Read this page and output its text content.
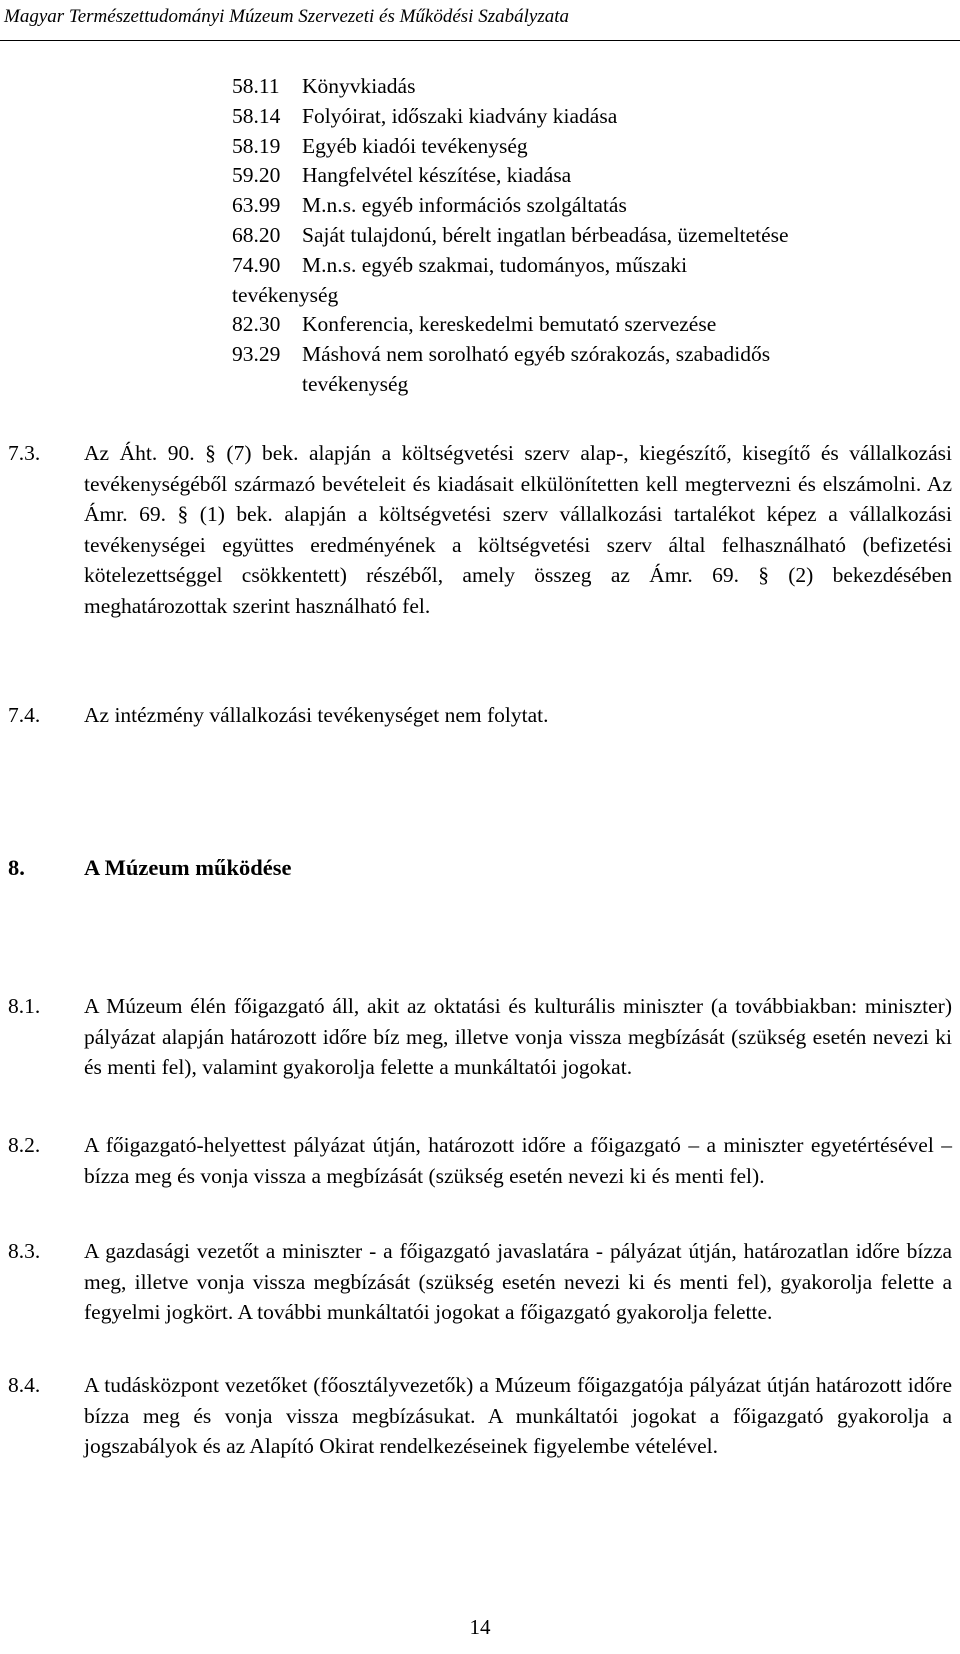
Magyar Természettudományi Múzeum Szervezeti és Működési Szabályzata
58.11 Könyvkiadás
58.14 Folyóirat, időszaki kiadvány kiadása
58.19 Egyéb kiadói tevékenység
59.20 Hangfelvétel készítése, kiadása
63.99 M.n.s. egyéb információs szolgáltatás
68.20 Saját tulajdonú, bérelt ingatlan bérbeadása, üzemeltetése
74.90 M.n.s. egyéb szakmai, tudományos, műszaki
tevékenység
82.30 Konferencia, kereskedelmi bemutató szervezése
93.29 Máshová nem sorolható egyéb szórakozás, szabadidős
tevékenység
7.3.	Az Áht. 90. § (7) bek. alapján a költségvetési szerv alap-, kiegészítő, kisegítő és vállalkozási tevékenységéből származó bevételeit és kiadásait elkülönítetten kell megtervezni és elszámolni. Az Ámr. 69. § (1) bek. alapján a költségvetési szerv vállalkozási tartalékot képez a vállalkozási tevékenységei együttes eredményének a költségvetési szerv által felhasználható (befizetési kötelezettséggel csökkentett) részéből, amely összeg az Ámr. 69. § (2) bekezdésében meghatározottak szerint használható fel.
7.4.	Az intézmény vállalkozási tevékenységet nem folytat.
8.	A Múzeum működése
8.1.	A Múzeum élén főigazgató áll, akit az oktatási és kulturális miniszter (a továbbiakban: miniszter) pályázat alapján határozott időre bíz meg, illetve vonja vissza megbízását (szükség esetén nevezi ki és menti fel), valamint gyakorolja felette a munkáltatói jogokat.
8.2.	A főigazgató-helyettest pályázat útján, határozott időre a főigazgató – a miniszter egyetértésével – bízza meg és vonja vissza a megbízását (szükség esetén nevezi ki és menti fel).
8.3.	A gazdasági vezetőt a miniszter - a főigazgató javaslatára - pályázat útján, határozatlan időre bízza meg, illetve vonja vissza megbízását (szükség esetén nevezi ki és menti fel), gyakorolja felette a fegyelmi jogkört. A további munkáltatói jogokat a főigazgató gyakorolja felette.
8.4.	A tudásközpont vezetőket (főosztályvezetők) a Múzeum főigazgatója pályázat útján határozott időre bízza meg és vonja vissza megbízásukat. A munkáltatói jogokat a főigazgató gyakorolja a jogszabályok és az Alapító Okirat rendelkezéseinek figyelembe vételével.
14
